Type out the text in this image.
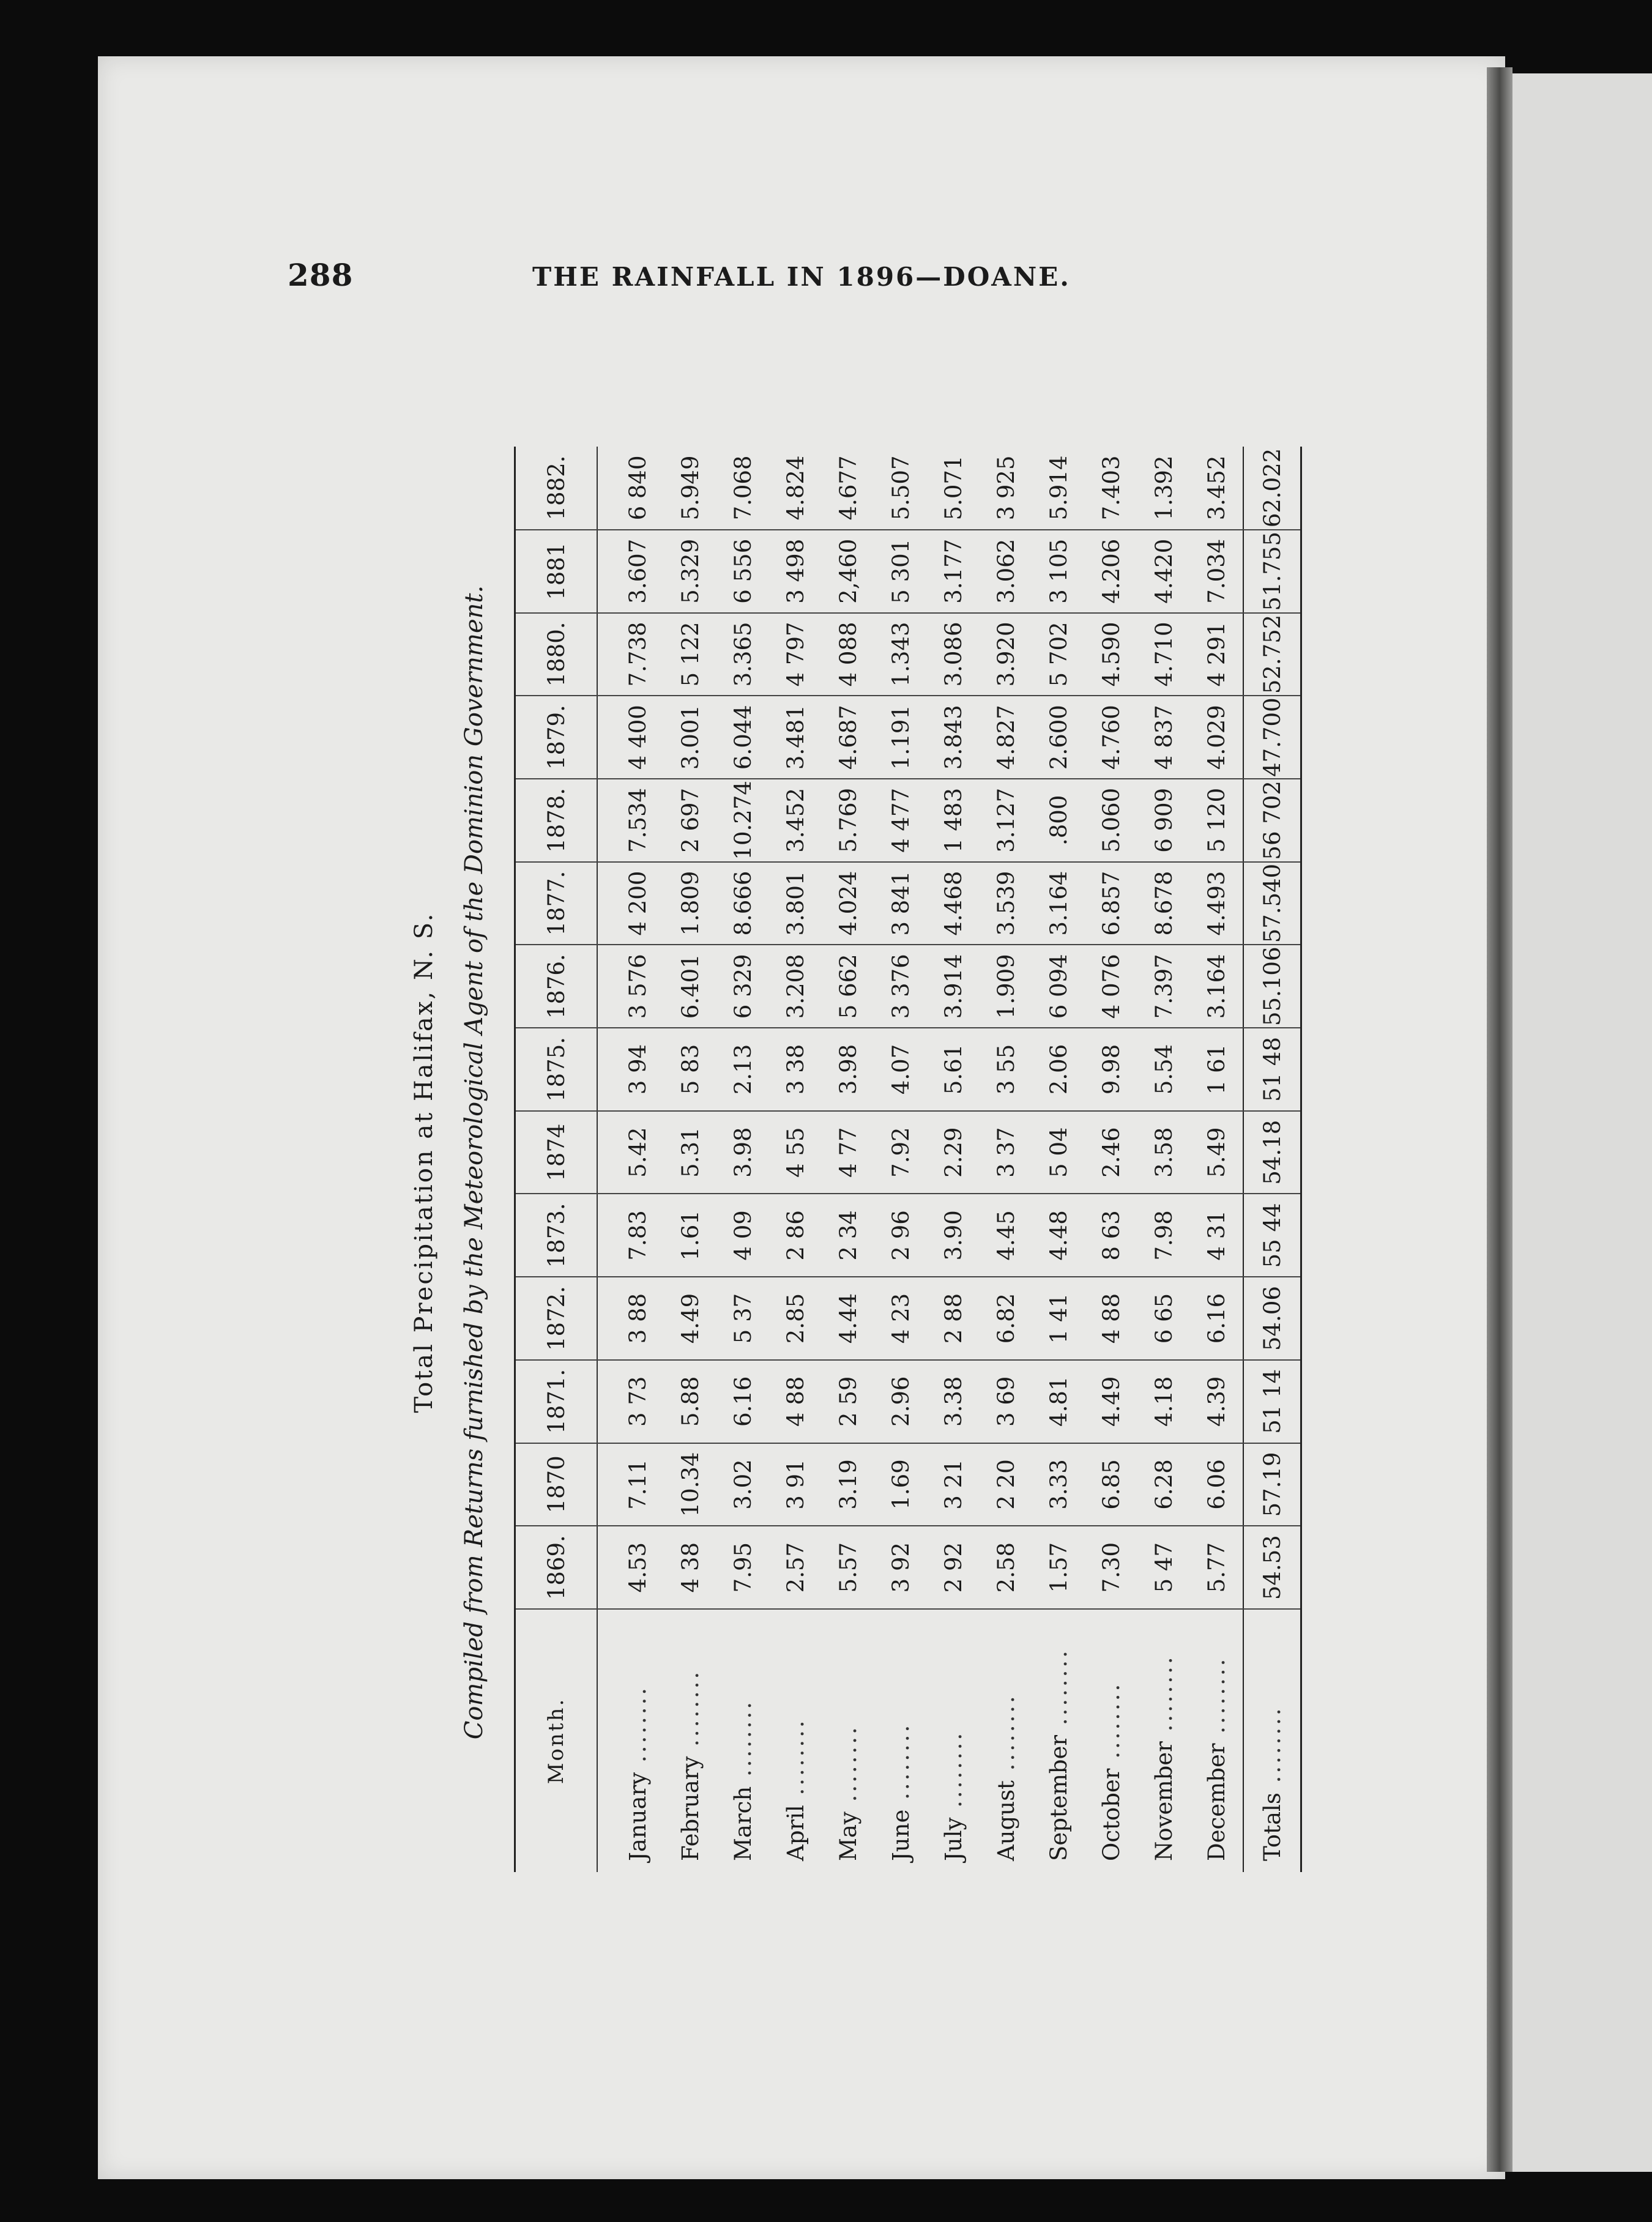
288	THE RAINFALL IN 1896—DOANE.
Total Precipitation at Halifax, N. S. Compiled from Returns furnished by the Meteorological Agent of the Dominion Government.
Month.	1869.	1870	1871.	1872.	1873.	1874	1875.	1876.	1877.	1878.	1879.	1880.	1881	1882.
January ........	4.53	7.11	3 73	3 88	7.83	5.42	3 94	3 576	4 200	7.534	4 400	7.738	3.607	6 840
February ........	4 38	10.34	5.88	4.49	1.61	5.31	5 83	6.401	1.809	2 697	3.001	5 122	5.329	5.949
March ........	7.95	3.02	6.16	5 37	4 09	3.98	2.13	6 329	8.666	10.274	6.044	3.365	6 556	7.068
April ........	2.57	3 91	4 88	2.85	2 86	4 55	3 38	3.208	3.801	3.452	3.481	4 797	3 498	4.824
May ........	5.57	3.19	2 59	4.44	2 34	4 77	3.98	5 662	4.024	5.769	4.687	4 088	2,460	4.677
June ........	3 92	1.69	2.96	4 23	2 96	7.92	4.07	3 376	3 841	4 477	1.191	1.343	5 301	5.507
July ........	2 92	3 21	3.38	2 88	3.90	2.29	5.61	3.914	4.468	1 483	3.843	3.086	3.177	5.071
August ........	2.58	2 20	3 69	6.82	4.45	3 37	3 55	1.909	3.539	3.127	4.827	3.920	3.062	3 925
September ........	1.57	3.33	4.81	1 41	4.48	5 04	2.06	6 094	3.164	.800	2.600	5 702	3 105	5.914
October ........	7.30	6.85	4.49	4 88	8 63	2.46	9.98	4 076	6.857	5.060	4.760	4.590	4.206	7.403
November ........	5 47	6.28	4.18	6 65	7.98	3.58	5.54	7.397	8.678	6 909	4 837	4.710	4.420	1.392
December ........	5.77	6.06	4.39	6.16	4 31	5.49	1 61	3.164	4.493	5 120	4.029	4 291	7.034	3.452
Totals ........	54.53	57.19	51 14	54.06	55 44	54.18	51 48	55.106	57.540	56 702	47.700	52.752	51.755	62.022
